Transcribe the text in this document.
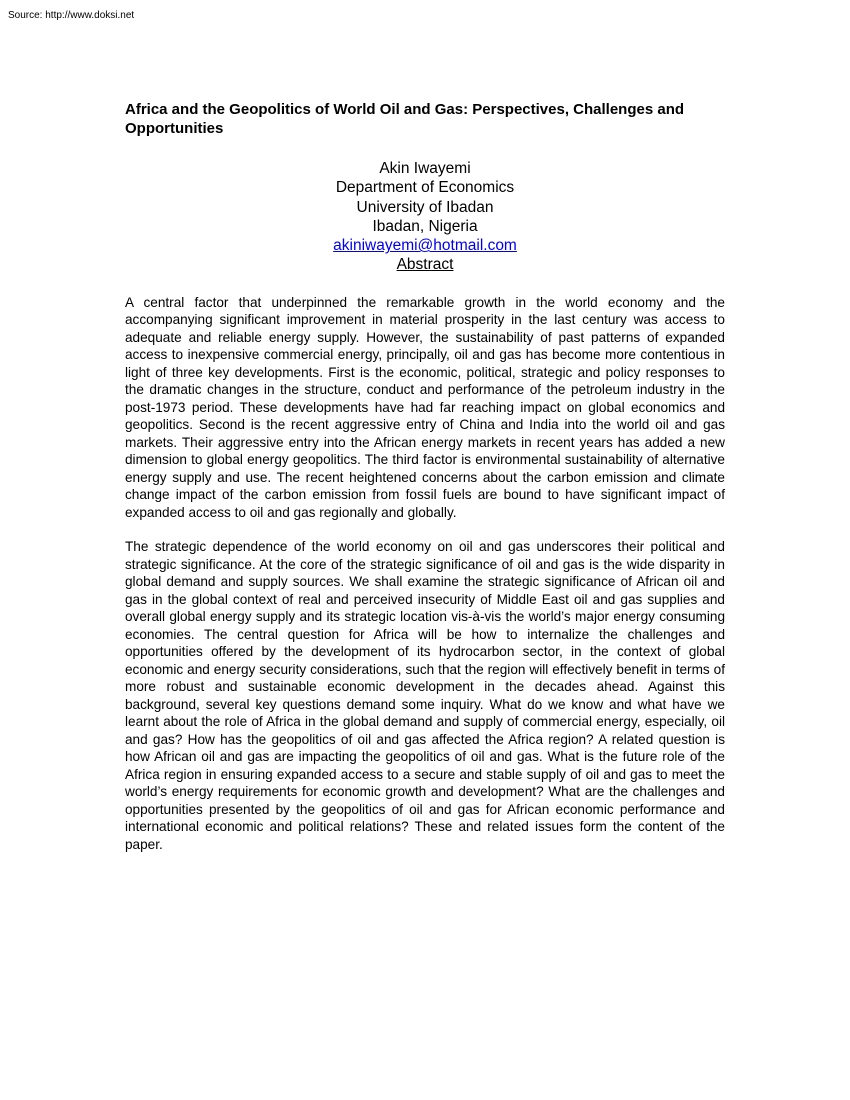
Source: http://www.doksi.net
Africa and the Geopolitics of World Oil and Gas: Perspectives, Challenges and Opportunities
Akin Iwayemi
Department of Economics
University of Ibadan
Ibadan, Nigeria
akiniwayemi@hotmail.com
Abstract

A central factor that underpinned the remarkable growth in the world economy and the accompanying significant improvement in material prosperity in the last century was access to adequate and reliable energy supply. However, the sustainability of past patterns of expanded access to inexpensive commercial energy, principally, oil and gas has become more contentious in light of three key developments. First is the economic, political, strategic and policy responses to the dramatic changes in the structure, conduct and performance of the petroleum industry in the post-1973 period. These developments have had far reaching impact on global economics and geopolitics. Second is the recent aggressive entry of China and India into the world oil and gas markets. Their aggressive entry into the African energy markets in recent years has added a new dimension to global energy geopolitics. The third factor is environmental sustainability of alternative energy supply and use. The recent heightened concerns about the carbon emission and climate change impact of the carbon emission from fossil fuels are bound to have significant impact of expanded access to oil and gas regionally and globally.

The strategic dependence of the world economy on oil and gas underscores their political and strategic significance. At the core of the strategic significance of oil and gas is the wide disparity in global demand and supply sources. We shall examine the strategic significance of African oil and gas in the global context of real and perceived insecurity of Middle East oil and gas supplies and overall global energy supply and its strategic location vis-à-vis the world’s major energy consuming economies. The central question for Africa will be how to internalize the challenges and opportunities offered by the development of its hydrocarbon sector, in the context of global economic and energy security considerations, such that the region will effectively benefit in terms of more robust and sustainable economic development in the decades ahead. Against this background, several key questions demand some inquiry. What do we know and what have we learnt about the role of Africa in the global demand and supply of commercial energy, especially, oil and gas? How has the geopolitics of oil and gas affected the Africa region? A related question is how African oil and gas are impacting the geopolitics of oil and gas. What is the future role of the Africa region in ensuring expanded access to a secure and stable supply of oil and gas to meet the world’s energy requirements for economic growth and development? What are the challenges and opportunities presented by the geopolitics of oil and gas for African economic performance and international economic and political relations? These and related issues form the content of the paper.
